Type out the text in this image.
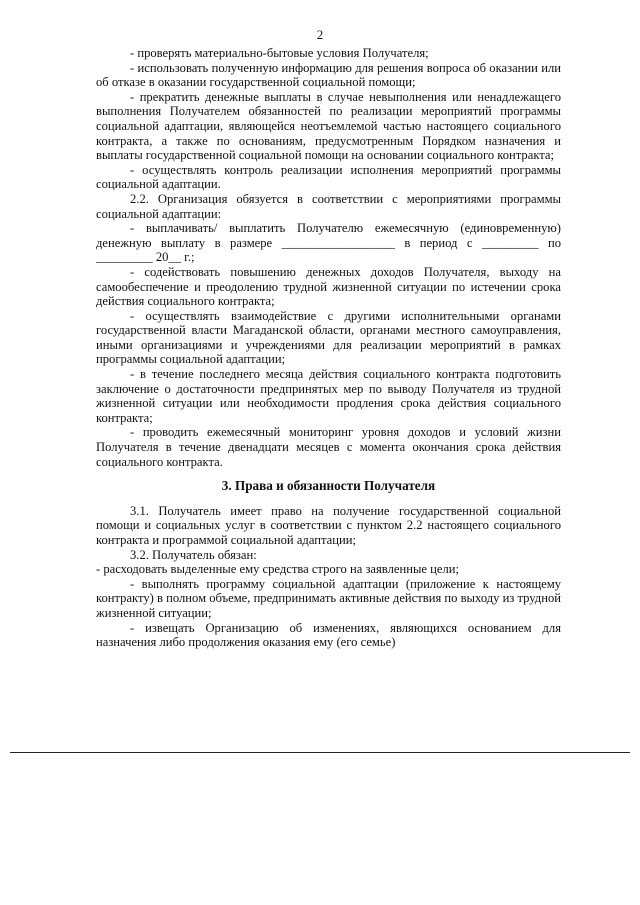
2

- проверять материально-бытовые условия Получателя;

- использовать полученную информацию для решения вопроса об оказании или об отказе в оказании государственной социальной помощи;

- прекратить денежные выплаты в случае невыполнения или ненадлежащего выполнения Получателем обязанностей по реализации мероприятий программы социальной адаптации, являющейся неотъемлемой частью настоящего социального контракта, а также по основаниям, предусмотренным Порядком назначения и выплаты государственной социальной помощи на основании социального контракта;

- осуществлять контроль реализации исполнения мероприятий программы социальной адаптации.

2.2. Организация обязуется в соответствии с мероприятиями программы социальной адаптации:

- выплачивать/ выплатить Получателю ежемесячную (единовременную) денежную выплату в размере __________________ в период с _________ по _________ 20__ г.;

- содействовать повышению денежных доходов Получателя, выходу на самообеспечение и преодолению трудной жизненной ситуации по истечении срока действия социального контракта;

- осуществлять взаимодействие с другими исполнительными органами государственной власти Магаданской области, органами местного самоуправления, иными организациями и учреждениями для реализации мероприятий в рамках программы социальной адаптации;

- в течение последнего месяца действия социального контракта подготовить заключение о достаточности предпринятых мер по выводу Получателя из трудной жизненной ситуации или необходимости продления срока действия социального контракта;

- проводить ежемесячный мониторинг уровня доходов и условий жизни Получателя в течение двенадцати месяцев с момента окончания срока действия социального контракта.

3. Права и обязанности Получателя

3.1. Получатель имеет право на получение государственной социальной помощи и социальных услуг в соответствии с пунктом 2.2 настоящего социального контракта и программой социальной адаптации;

3.2. Получатель обязан:

- расходовать выделенные ему средства строго на заявленные цели;

- выполнять программу социальной адаптации (приложение к настоящему контракту) в полном объеме, предпринимать активные действия по выходу из трудной жизненной ситуации;

- извещать Организацию об изменениях, являющихся основанием для назначения либо продолжения оказания ему (его семье)
